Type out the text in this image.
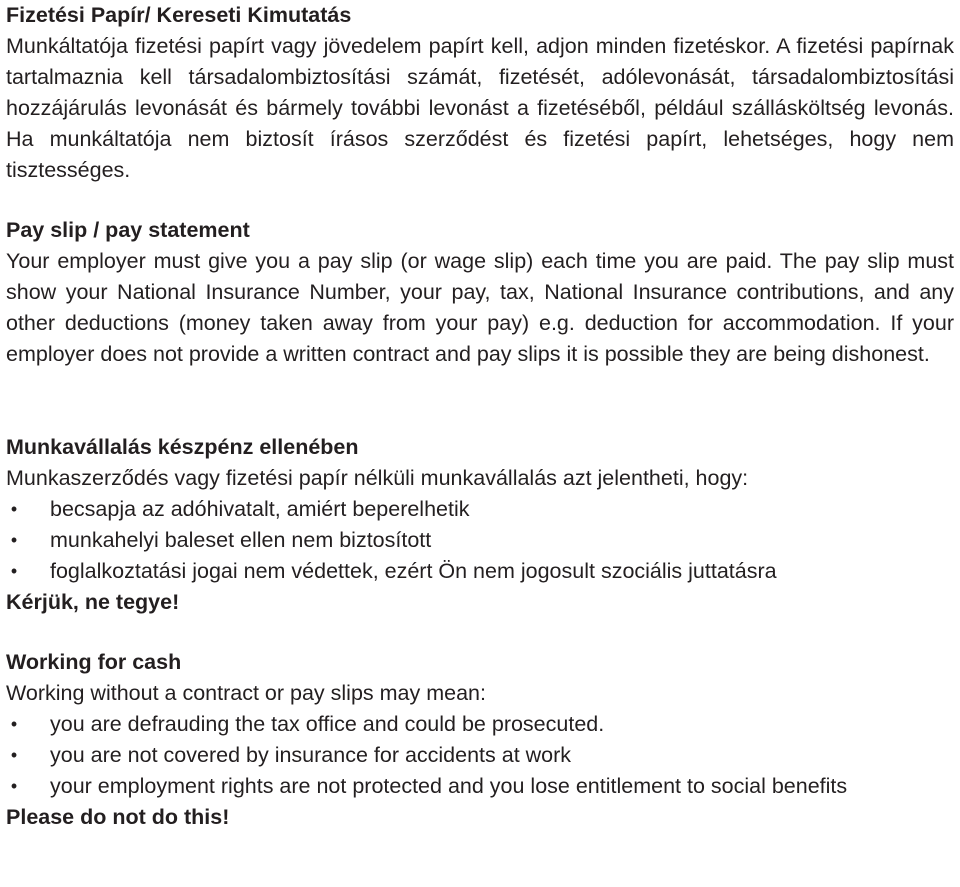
Fizetési Papír/ Kereseti Kimutatás

Munkáltatója fizetési papírt vagy jövedelem papírt kell, adjon minden fizetéskor. A fizetési papírnak tartalmaznia kell társadalombiztosítási számát, fizetését, adólevonását, társadalombiztosítási hozzájárulás levonását és bármely további levonást a fizetéséből, például szállásköltség levonás. Ha munkáltatója nem biztosít írásos szerződést és fizetési papírt, lehetséges, hogy nem tisztességes.

Pay slip / pay statement

Your employer must give you a pay slip (or wage slip) each time you are paid. The pay slip must show your National Insurance Number, your pay, tax, National Insurance contributions, and any other deductions (money taken away from your pay) e.g. deduction for accommodation. If your employer does not provide a written contract and pay slips it is possible they are being dishonest.

Munkavállalás készpénz ellenében

Munkaszerződés vagy fizetési papír nélküli munkavállalás azt jelentheti, hogy:

• becsapja az adóhivatalt, amiért beperelhetik
• munkahelyi baleset ellen nem biztosított
• foglalkoztatási jogai nem védettek, ezért Ön nem jogosult szociális juttatásra

Kérjük, ne tegye!

Working for cash

Working without a contract or pay slips may mean:

• you are defrauding the tax office and could be prosecuted.
• you are not covered by insurance for accidents at work
• your employment rights are not protected and you lose entitlement to social benefits

Please do not do this!
